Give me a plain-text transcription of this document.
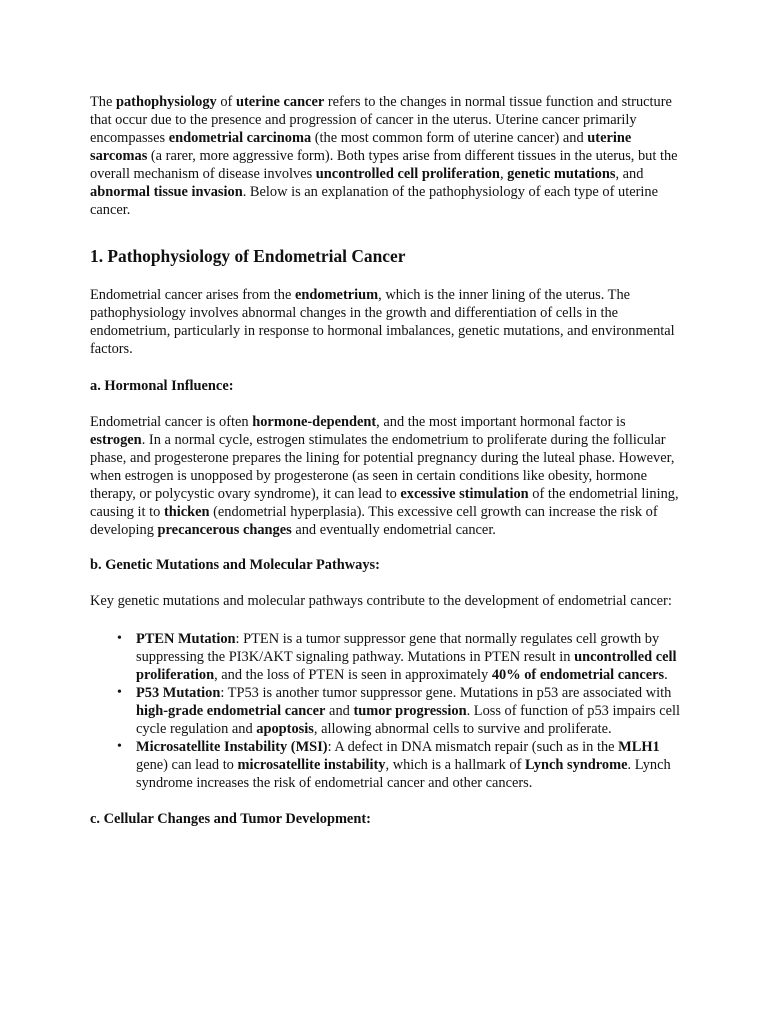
The pathophysiology of uterine cancer refers to the changes in normal tissue function and structure that occur due to the presence and progression of cancer in the uterus. Uterine cancer primarily encompasses endometrial carcinoma (the most common form of uterine cancer) and uterine sarcomas (a rarer, more aggressive form). Both types arise from different tissues in the uterus, but the overall mechanism of disease involves uncontrolled cell proliferation, genetic mutations, and abnormal tissue invasion. Below is an explanation of the pathophysiology of each type of uterine cancer.

1. Pathophysiology of Endometrial Cancer

Endometrial cancer arises from the endometrium, which is the inner lining of the uterus. The pathophysiology involves abnormal changes in the growth and differentiation of cells in the endometrium, particularly in response to hormonal imbalances, genetic mutations, and environmental factors.

a. Hormonal Influence:

Endometrial cancer is often hormone-dependent, and the most important hormonal factor is estrogen. In a normal cycle, estrogen stimulates the endometrium to proliferate during the follicular phase, and progesterone prepares the lining for potential pregnancy during the luteal phase. However, when estrogen is unopposed by progesterone (as seen in certain conditions like obesity, hormone therapy, or polycystic ovary syndrome), it can lead to excessive stimulation of the endometrial lining, causing it to thicken (endometrial hyperplasia). This excessive cell growth can increase the risk of developing precancerous changes and eventually endometrial cancer.

b. Genetic Mutations and Molecular Pathways:

Key genetic mutations and molecular pathways contribute to the development of endometrial cancer:

• PTEN Mutation: PTEN is a tumor suppressor gene that normally regulates cell growth by suppressing the PI3K/AKT signaling pathway. Mutations in PTEN result in uncontrolled cell proliferation, and the loss of PTEN is seen in approximately 40% of endometrial cancers.
• P53 Mutation: TP53 is another tumor suppressor gene. Mutations in p53 are associated with high-grade endometrial cancer and tumor progression. Loss of function of p53 impairs cell cycle regulation and apoptosis, allowing abnormal cells to survive and proliferate.
• Microsatellite Instability (MSI): A defect in DNA mismatch repair (such as in the MLH1 gene) can lead to microsatellite instability, which is a hallmark of Lynch syndrome. Lynch syndrome increases the risk of endometrial cancer and other cancers.
c. Cellular Changes and Tumor Development:
